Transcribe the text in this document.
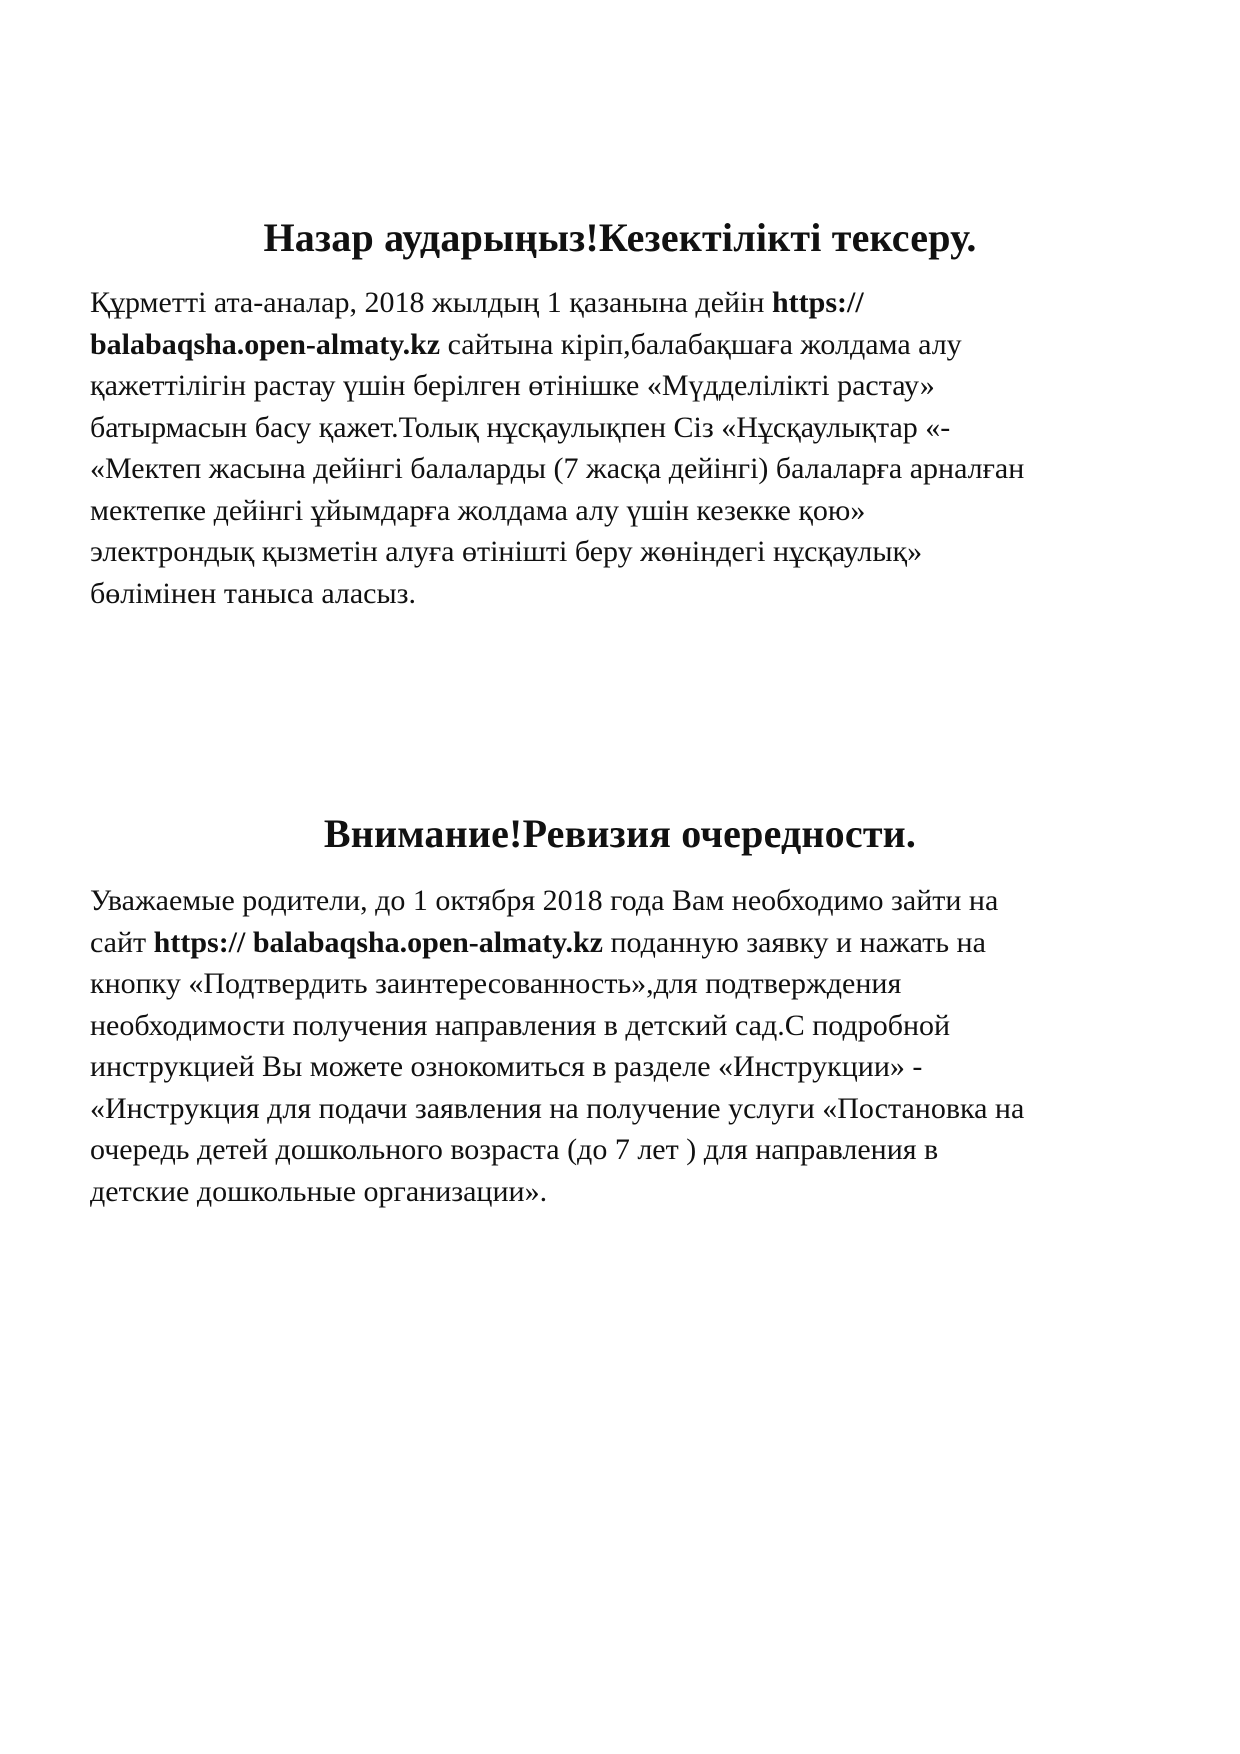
Назар аударыңыз!Кезектілікті тексеру.

Құрметті ата-аналар, 2018 жылдың 1 қазанына дейін https://
balabaqsha.open-almaty.kz сайтына кіріп,балабақшаға жолдама алу
қажеттілігін растау үшін берілген өтінішке «Мүдделілікті растау»
батырмасын басу қажет.Толық нұсқаулықпен Сіз «Нұсқаулықтар «-
«Мектеп жасына дейінгі балаларды (7 жасқа дейінгі) балаларға арналған
мектепке дейінгі ұйымдарға жолдама алу үшін кезекке қою»
электрондық қызметін алуға өтінішті беру жөніндегі нұсқаулық»
бөлімінен таныса аласыз.

Внимание!Ревизия очередности.

Уважаемые родители, до 1 октября 2018 года Вам необходимо зайти на
сайт https:// balabaqsha.open-almaty.kz поданную заявку и нажать на
кнопку «Подтвердить заинтересованность»,для подтверждения
необходимости получения направления в детский сад.С подробной
инструкцией Вы можете ознокомиться в разделе «Инструкции» -
«Инструкция для подачи заявления на получение услуги «Постановка на
очередь детей дошкольного возраста (до 7 лет ) для направления в
детские дошкольные организации».
